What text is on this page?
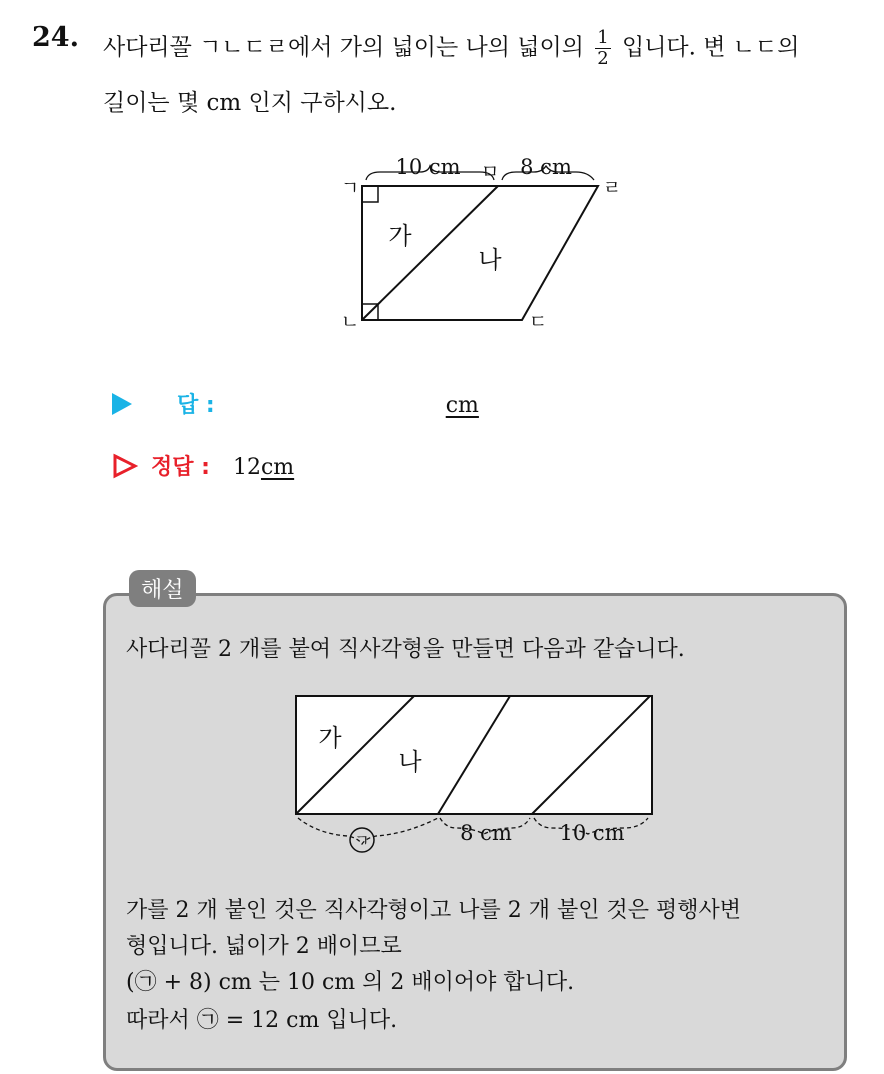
24. 사다리꼴 ㄱㄴㄷㄹ에서 가의 넓이는 나의 넓이의 $\frac{1}{2}$ 입니다. 변 ㄴㄷ의
길이는 몇 cm 인지 구하시오.
10 cm	8 cm
ㄱ
ㄴ	ㄷ
ㄹ
ㅁ
가
나
답 :	cm
정답 : 12cm
해설
사다리꼴 2 개를 붙여 직사각형을 만들면 다음과 같습니다.
가
나
ㄱ	8 cm 10 cm
가를 2 개 붙인 것은 직사각형이고 나를 2 개 붙인 것은 평행사변
형입니다. 넓이가 2 배이므로
(㉠ + 8) cm 는 10 cm 의 2 배이어야 합니다.
따라서 ㉠ = 12 cm 입니다.
